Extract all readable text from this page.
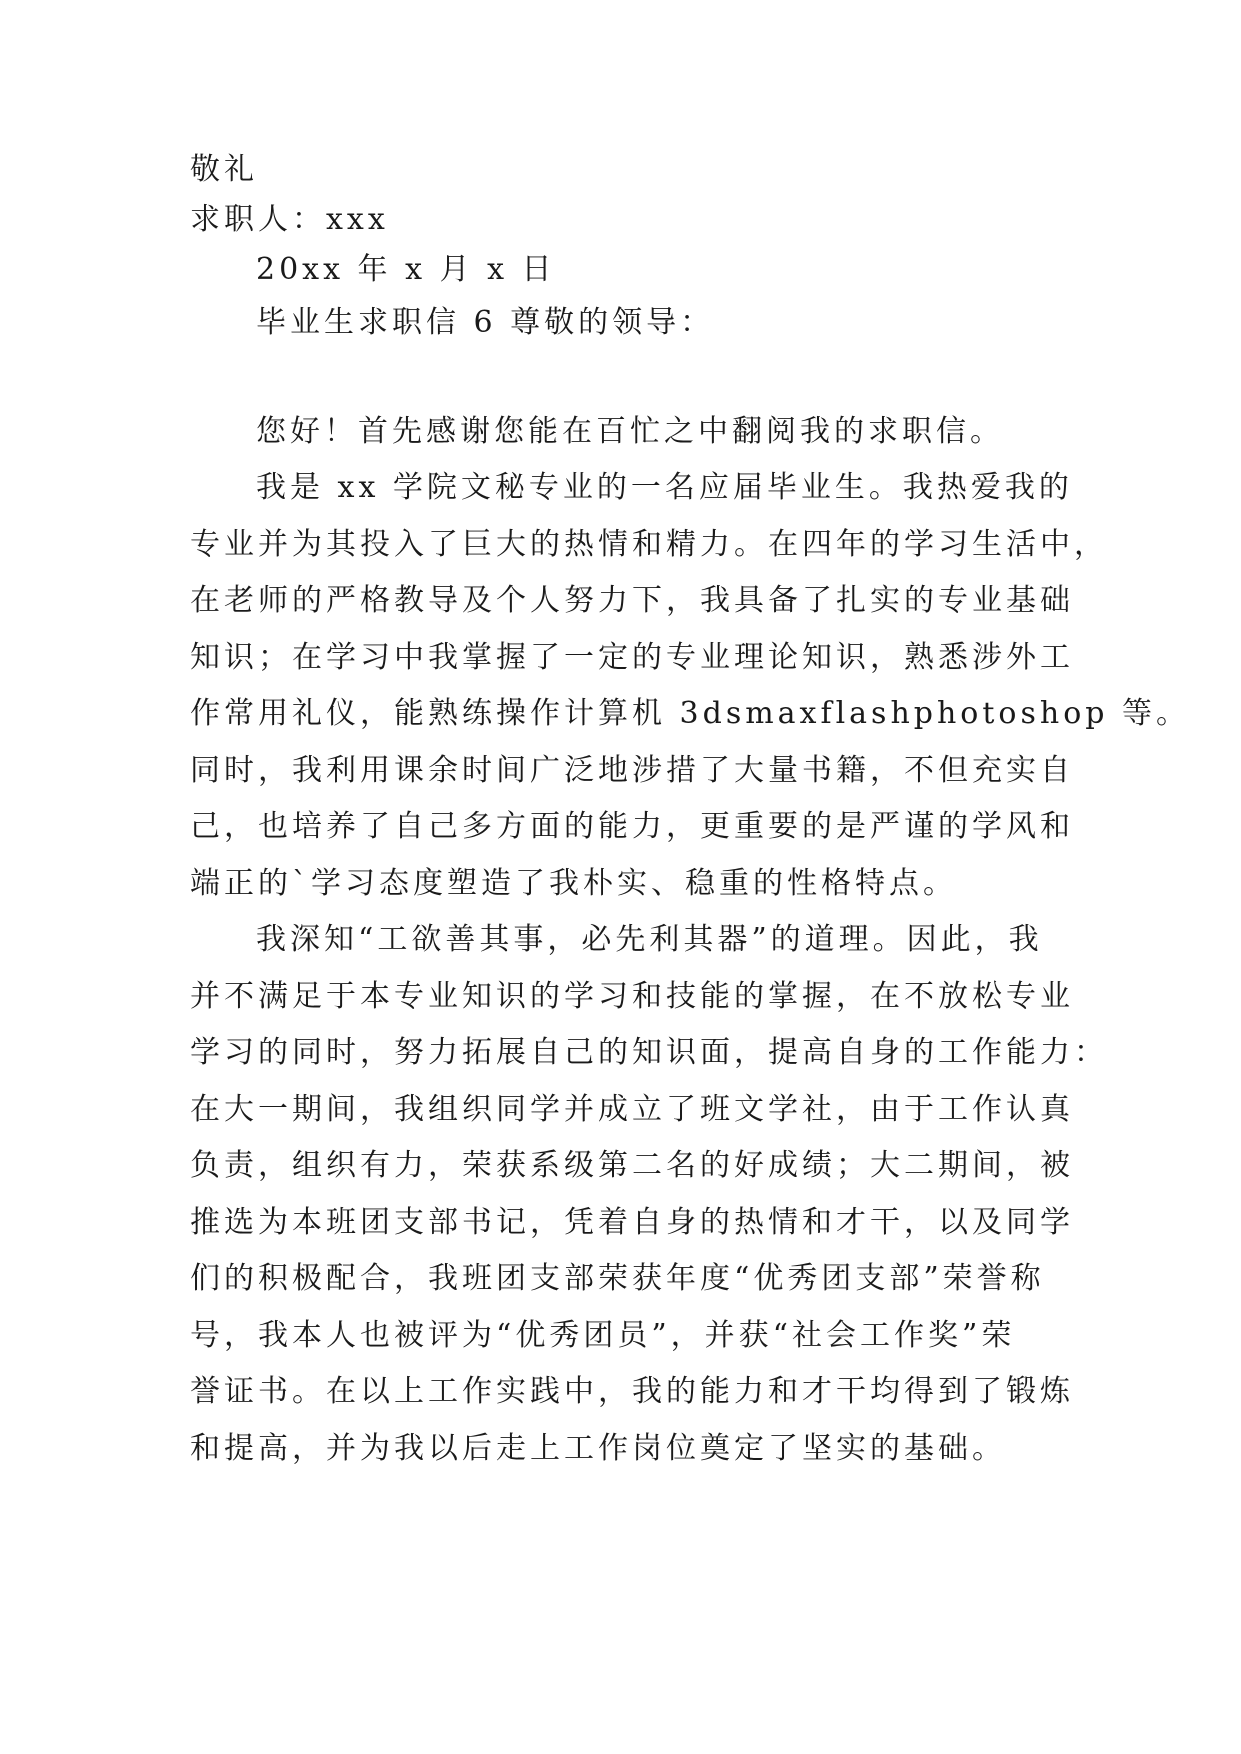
敬礼
求职人：xxx
20xx 年 x 月 x 日
毕业生求职信 6 尊敬的领导：
您好！首先感谢您能在百忙之中翻阅我的求职信。
我是 xx 学院文秘专业的一名应届毕业生。我热爱我的
专业并为其投入了巨大的热情和精力。在四年的学习生活中，
在老师的严格教导及个人努力下，我具备了扎实的专业基础
知识；在学习中我掌握了一定的专业理论知识，熟悉涉外工
作常用礼仪，能熟练操作计算机 3dsmaxflashphotoshop 等。
同时，我利用课余时间广泛地涉措了大量书籍，不但充实自
己，也培养了自己多方面的能力，更重要的是严谨的学风和
端正的`学习态度塑造了我朴实、稳重的性格特点。
我深知“工欲善其事，必先利其器”的道理。因此，我
并不满足于本专业知识的学习和技能的掌握，在不放松专业
学习的同时，努力拓展自己的知识面，提高自身的工作能力：
在大一期间，我组织同学并成立了班文学社，由于工作认真
负责，组织有力，荣获系级第二名的好成绩；大二期间，被
推选为本班团支部书记，凭着自身的热情和才干，以及同学
们的积极配合，我班团支部荣获年度“优秀团支部”荣誉称
号，我本人也被评为“优秀团员”，并获“社会工作奖”荣
誉证书。在以上工作实践中，我的能力和才干均得到了锻炼
和提高，并为我以后走上工作岗位奠定了坚实的基础。
